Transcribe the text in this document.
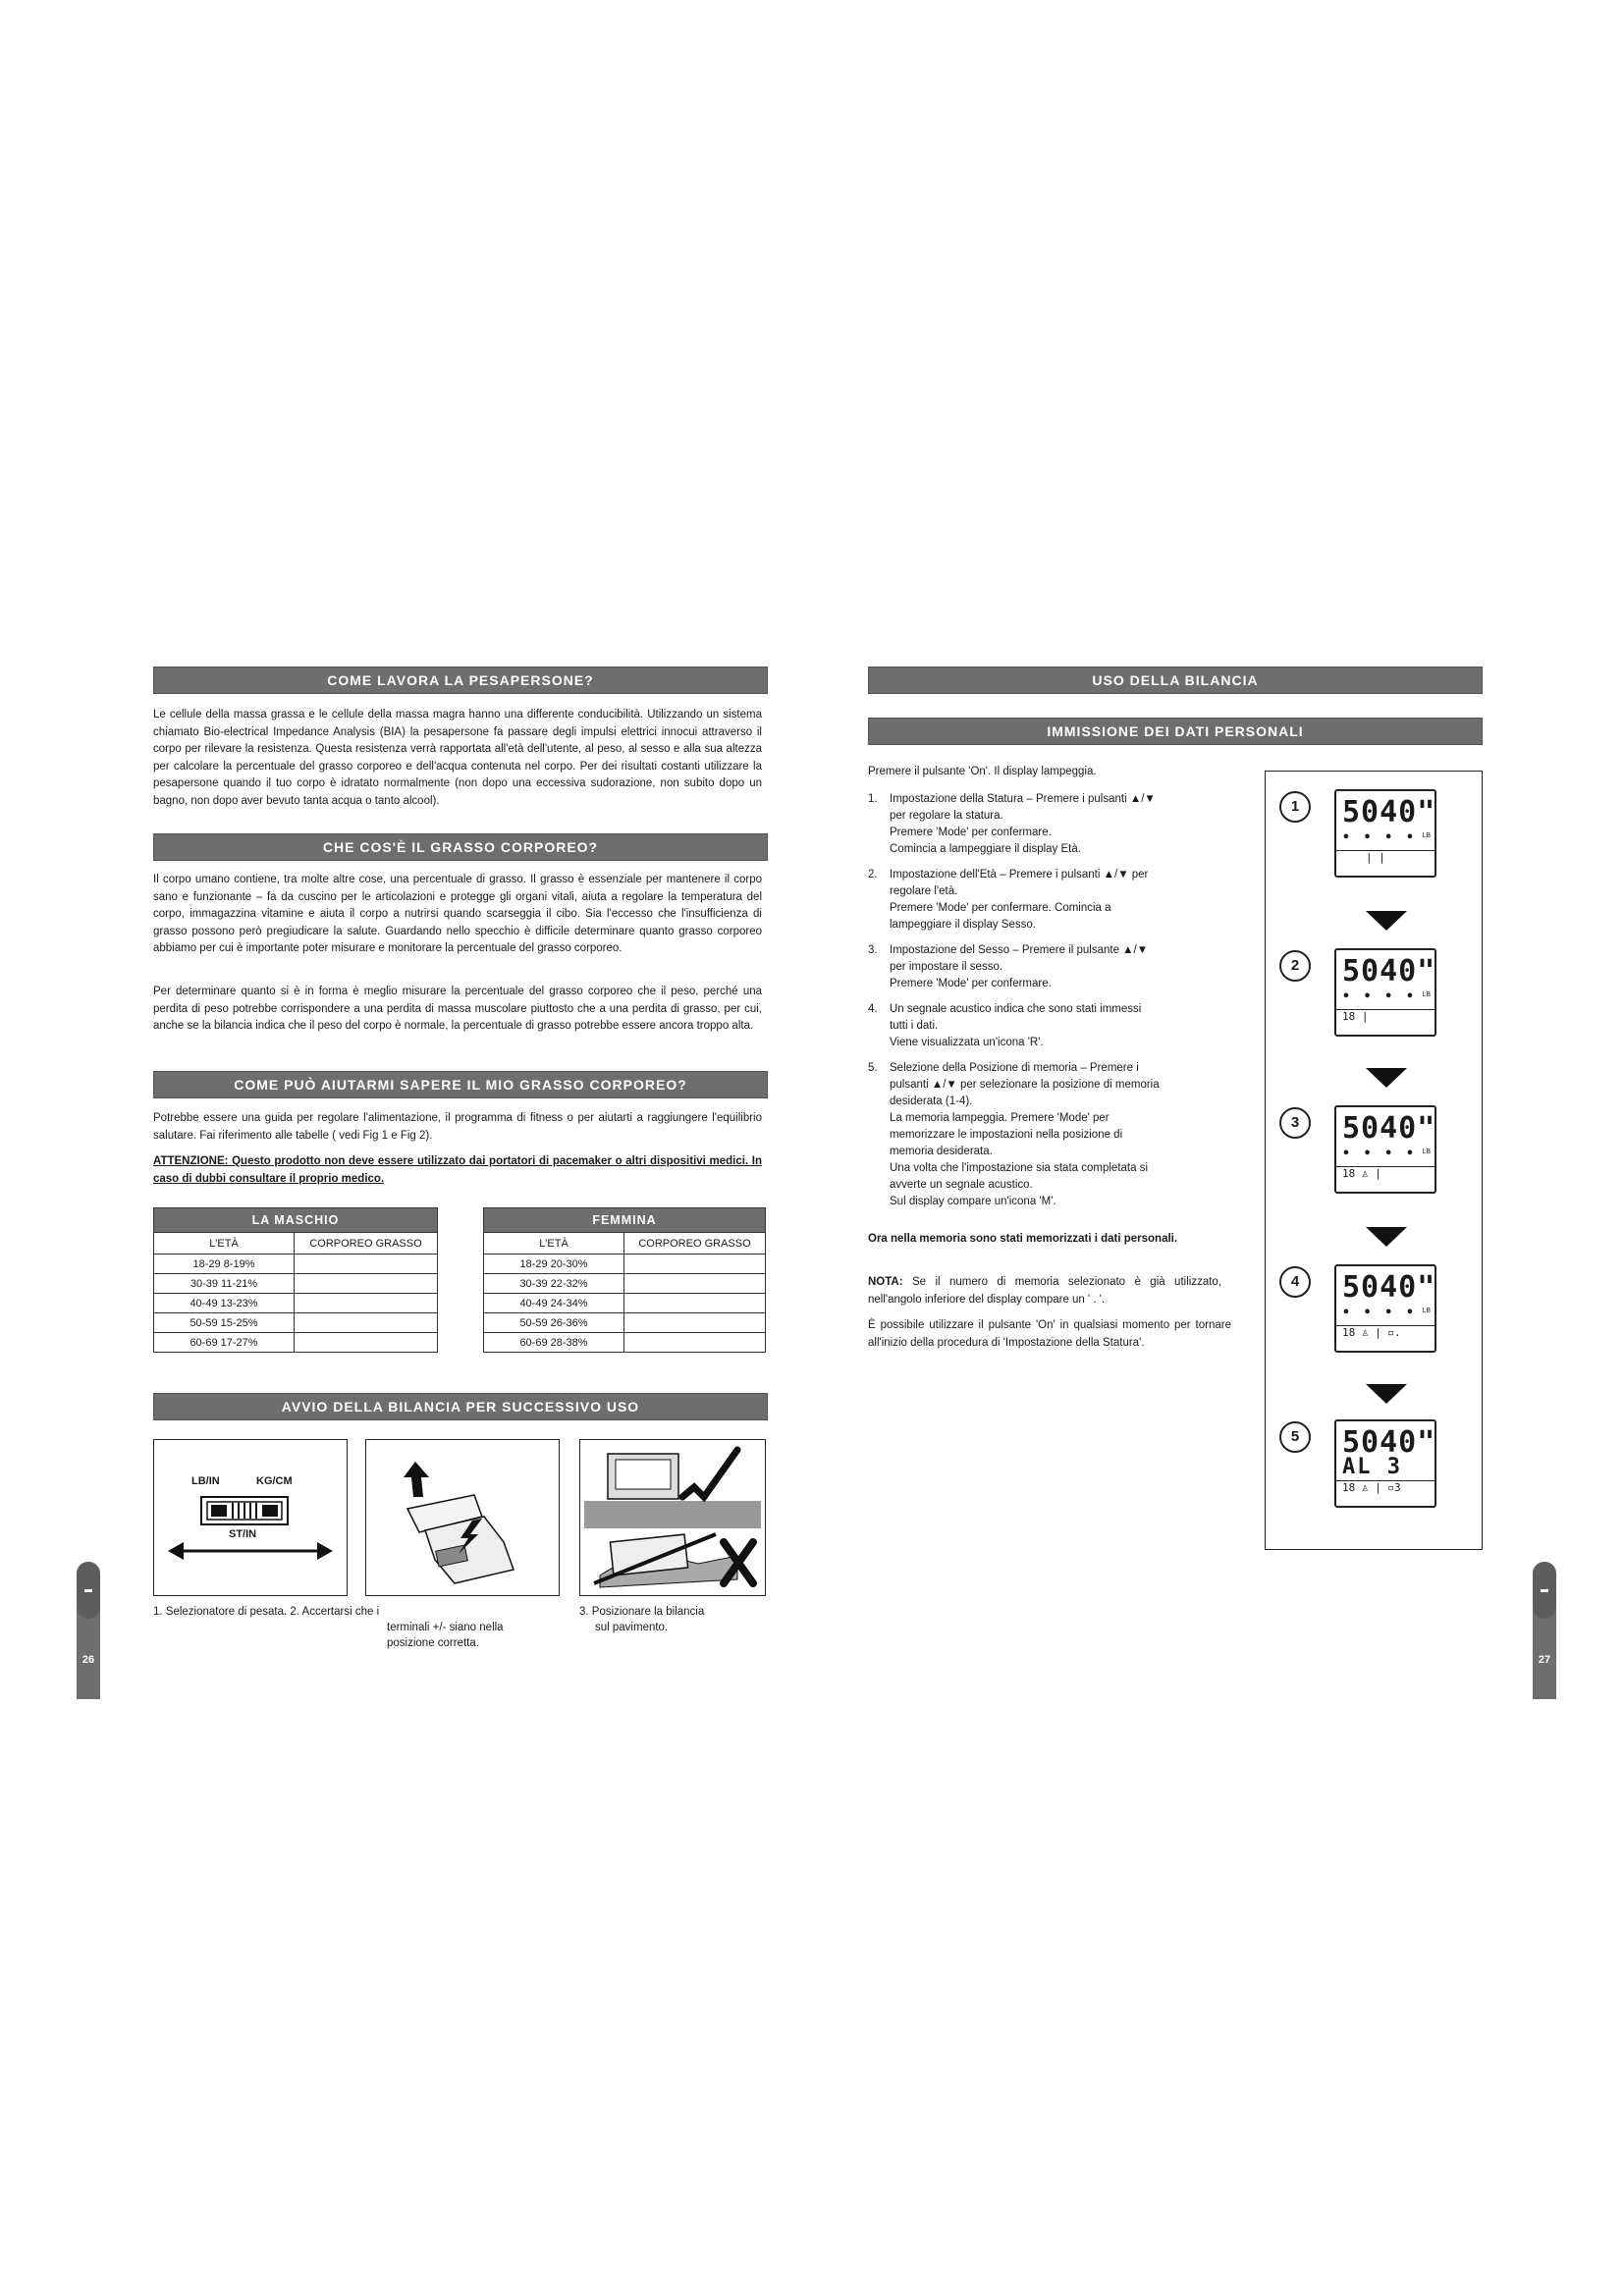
COME LAVORA LA PESAPERSONE?

Le cellule della massa grassa e le cellule della massa magra hanno una differente conducibilità. Utilizzando un sistema chiamato Bio-electrical Impedance Analysis (BIA) la pesapersone fa passare degli impulsi elettrici innocui attraverso il corpo per rilevare la resistenza. Questa resistenza verrà rapportata all'età dell'utente, al peso, al sesso e alla sua altezza per calcolare la percentuale del grasso corporeo e dell'acqua contenuta nel corpo. Per dei risultati costanti utilizzare la pesapersone quando il tuo corpo è idratato normalmente (non dopo una eccessiva sudorazione, non subito dopo un bagno, non dopo aver bevuto tanta acqua o tanto alcool).

CHE COS'È IL GRASSO CORPOREO?

Il corpo umano contiene, tra molte altre cose, una percentuale di grasso. Il grasso è essenziale per mantenere il corpo sano e funzionante – fa da cuscino per le articolazioni e protegge gli organi vitali, aiuta a regolare la temperatura del corpo, immagazzina vitamine e aiuta il corpo a nutrirsi quando scarseggia il cibo. Sia l'eccesso che l'insufficienza di grasso possono però pregiudicare la salute. Guardando nello specchio è difficile determinare quanto grasso corporeo abbiamo per cui è importante poter misurare e monitorare la percentuale del grasso corporeo.

Per determinare quanto si è in forma è meglio misurare la percentuale del grasso corporeo che il peso, perché una perdita di peso potrebbe corrispondere a una perdita di massa muscolare piuttosto che a una perdita di grasso, per cui, anche se la bilancia indica che il peso del corpo è normale, la percentuale di grasso potrebbe essere ancora troppo alta.

COME PUÒ AIUTARMI SAPERE IL MIO GRASSO CORPOREO?

Potrebbe essere una guida per regolare l'alimentazione, il programma di fitness o per aiutarti a raggiungere l'equilibrio salutare. Fai riferimento alle tabelle ( vedi Fig 1 e Fig 2).

ATTENZIONE: Questo prodotto non deve essere utilizzato dai portatori di pacemaker o altri dispositivi medici. In caso di dubbi consultare il proprio medico.

LA MASCHIO	
L'ETÀ	CORPOREO GRASSO
18-29 8-19%	
30-39 11-21%	
40-49 13-23%	
50-59 15-25%	
60-69 17-27%	
FEMMINA	
L'ETÀ	CORPOREO GRASSO
18-29 20-30%	
30-39 22-32%	
40-49 24-34%	
50-59 26-36%	
60-69 28-38%	
AVVIO DELLA BILANCIA PER SUCCESSIVO USO
LB/IN	KG/CM
ST/IN
1. Selezionatore di pesata. 2. Accertarsi che i
terminali +/- siano nella
posizione corretta.
3. Posizionare la bilancia
sul pavimento.
26
USO DELLA BILANCIA
IMMISSIONE DEI DATI PERSONALI

Premere il pulsante 'On'. Il display lampeggia.

1. Impostazione della Statura – Premere i pulsanti ▲/▼
per regolare la statura.
Premere 'Mode' per confermare.
Comincia a lampeggiare il display Età.
2. Impostazione dell'Età – Premere i pulsanti ▲/▼ per
regolare l'età.
Premere 'Mode' per confermare. Comincia a
lampeggiare il display Sesso.
3. Impostazione del Sesso – Premere il pulsante ▲/▼
per impostare il sesso.
Premere 'Mode' per confermare.
4. Un segnale acustico indica che sono stati immessi
tutti i dati.
Viene visualizzata un'icona 'R'.
5. Selezione della Posizione di memoria – Premere i
pulsanti ▲/▼ per selezionare la posizione di memoria
desiderata (1-4).
La memoria lampeggia. Premere 'Mode' per
memorizzare le impostazioni nella posizione di
memoria desiderata.
Una volta che l'impostazione sia stata completata si
avverte un segnale acustico.
Sul display compare un'icona 'M'.

Ora nella memoria sono stati memorizzati i dati personali.

NOTA: Se il numero di memoria selezionato è già utilizzato, nell'angolo inferiore del display compare un ' . '.

È possibile utilizzare il pulsante 'On' in qualsiasi momento per tornare all'inizio della procedura di 'Impostazione della Statura'.

1	5040"
• • • • LB
| |
2	5040"
• • • • LB
18 |
3	5040"
• • • • LB
18 ♙ |
4	5040"
• • • • LB
18 ♙ | ▫.
5	5040"
AL 3
18 ♙ | ▫3
27
